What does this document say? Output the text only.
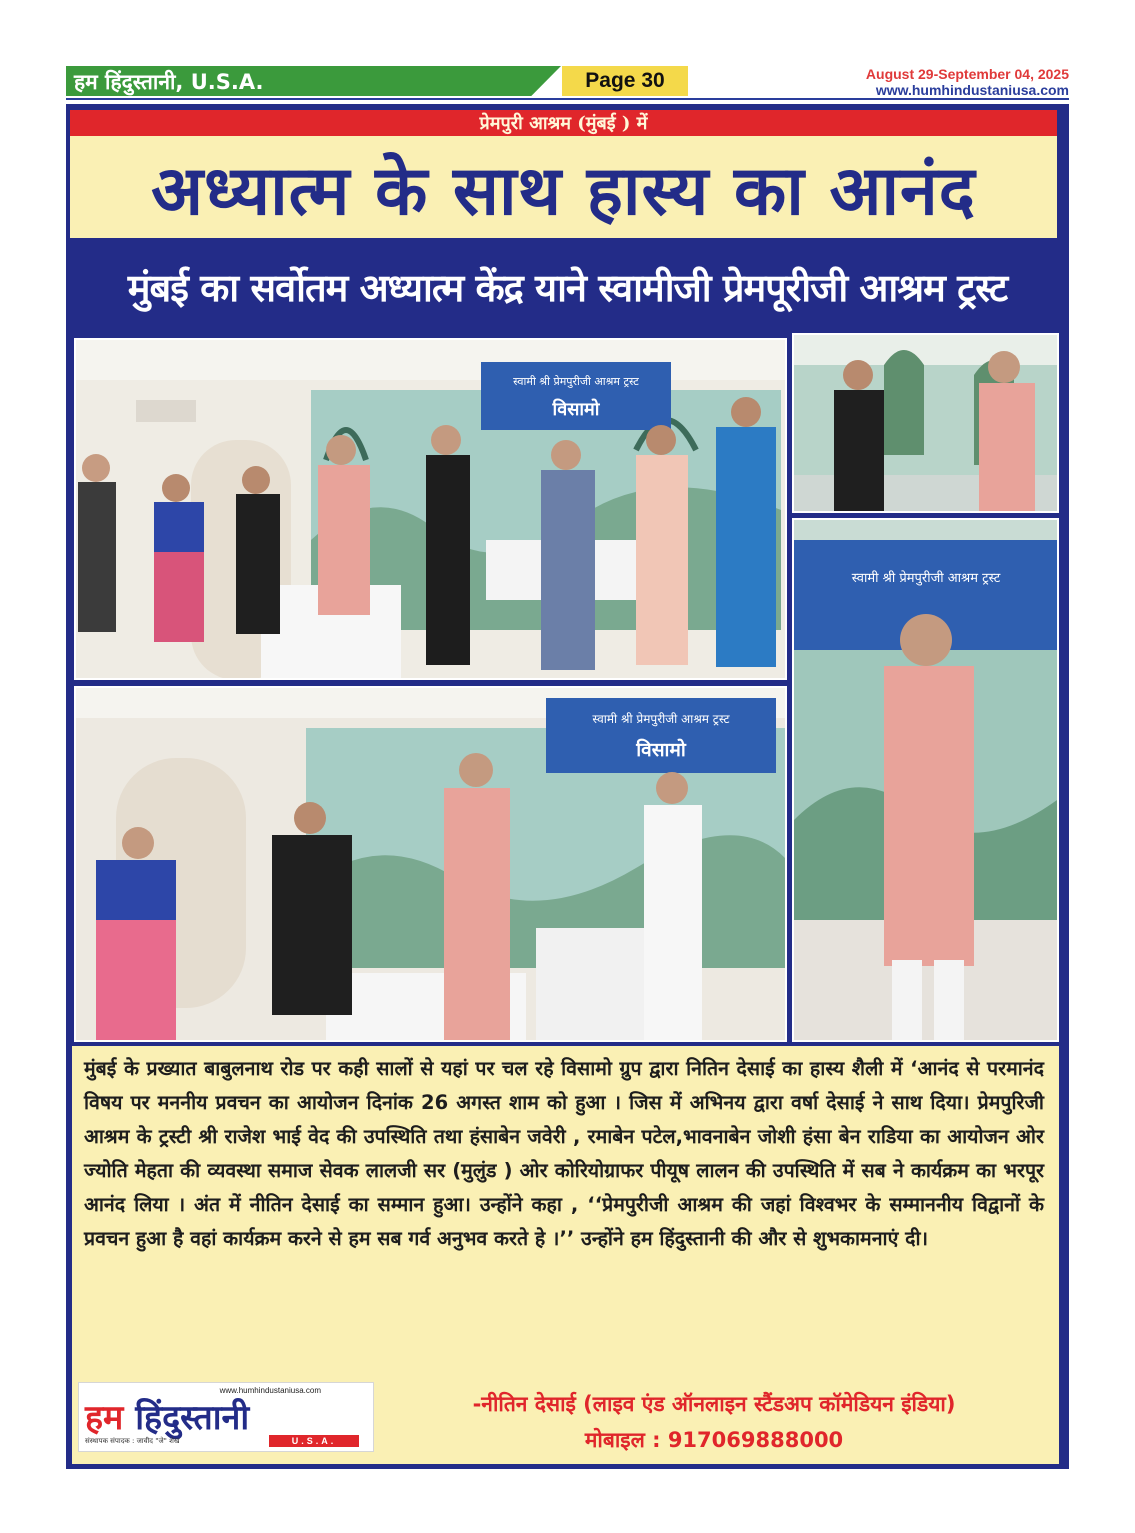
हम हिंदुस्तानी, U.S.A.	Page 30	August 29-September 04, 2025
www.humhindustaniusa.com
प्रेमपुरी आश्रम (मुंबई ) में
अध्यात्म के साथ हास्य का आनंद
मुंबई का सर्वोतम अध्यात्म केंद्र याने स्वामीजी प्रेमपूरीजी आश्रम ट्रस्ट
स्वामी श्री प्रेमपुरीजी आश्रम ट्रस्ट
विसामो
स्वामी श्री प्रेमपुरीजी आश्रम ट्रस्ट
स्वामी श्री प्रेमपुरीजी आश्रम ट्रस्ट
विसामो
मुंबई के प्रख्यात बाबुलनाथ रोड पर कही सालों से यहां पर चल रहे विसामो ग्रुप द्वारा नितिन देसाई का हास्य शैली में ‘आनंद से परमानंद विषय पर मननीय प्रवचन का आयोजन दिनांक 26 अगस्त शाम को हुआ । जिस में अभिनय द्वारा वर्षा देसाई ने साथ दिया। प्रेमपुरिजी आश्रम के ट्रस्टी श्री राजेश भाई वेद की उपस्थिति तथा हंसाबेन जवेरी , रमाबेन पटेल,भावनाबेन जोशी हंसा बेन राडिया का आयोजन ओर ज्योति मेहता की व्यवस्था समाज सेवक लालजी सर (मुलुंड ) ओर कोरियोग्राफर पीयूष लालन की उपस्थिति में सब ने कार्यक्रम का भरपूर आनंद लिया । अंत में नीतिन देसाई का सम्मान हुआ। उन्होंने कहा , ‘‘प्रेमपुरीजी आश्रम की जहां विश्वभर के सम्माननीय विद्वानों के प्रवचन हुआ है वहां कार्यक्रम करने से हम सब गर्व अनुभव करते हे ।’’ उन्होंने हम हिंदुस्तानी की और से शुभकामनाएं दी।
www.humhindustaniusa.com
हम हिंदुस्तानी
U.S.A.
संस्थापक संपादक : जावीद "जे" शेख
-नीतिन देसाई (लाइव एंड ऑनलाइन स्टैंडअप कॉमेडियन इंडिया)
मोबाइल : 917069888000
